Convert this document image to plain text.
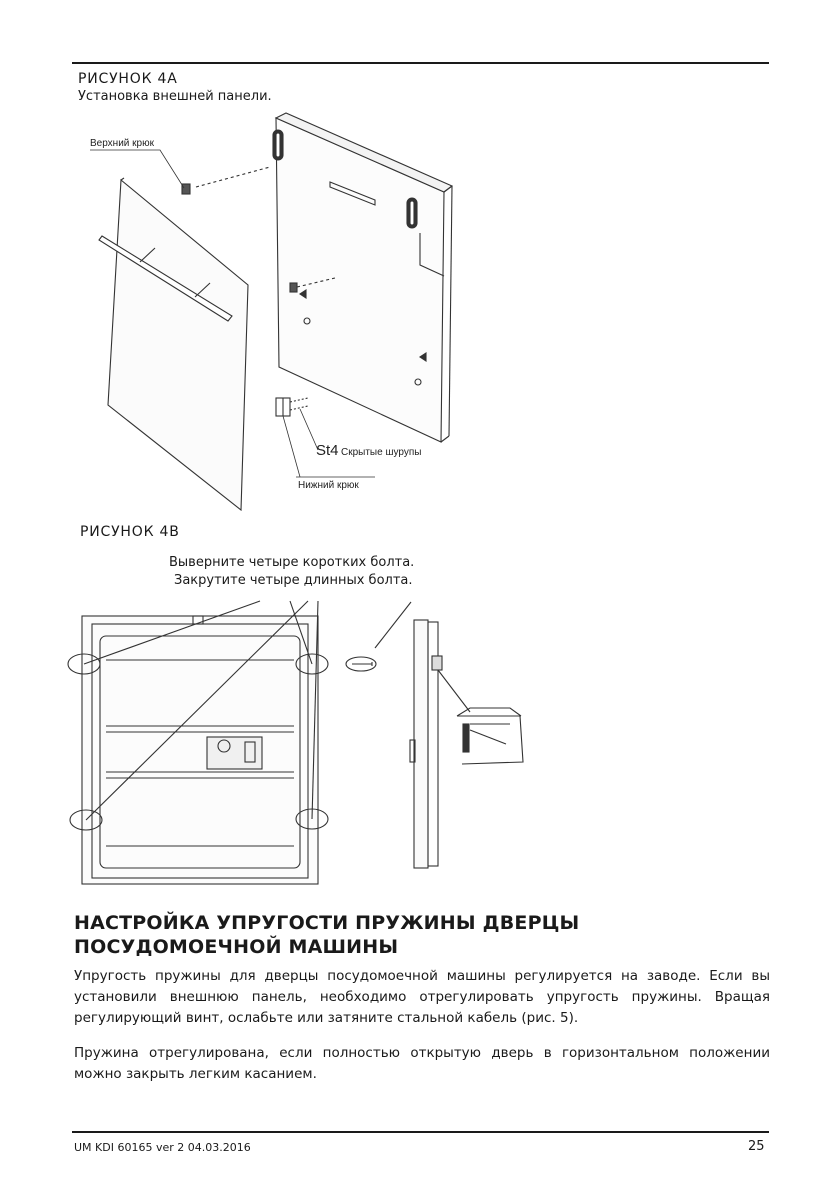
РИСУНОК 4А
Установка внешней панели.
Верхний крюк
St4 Скрытые шурупы
Нижний крюк
РИСУНОК 4В
Выверните четыре коротких болта.
Закрутите четыре длинных болта.
НАСТРОЙКА УПРУГОСТИ ПРУЖИНЫ ДВЕРЦЫ
ПОСУДОМОЕЧНОЙ МАШИНЫ
Упругость пружины для дверцы посудомоечной машины регулируется на заводе. Если вы установили внешнюю панель, необходимо отрегулировать упругость пружины. Вращая регулирующий винт, ослабьте или затяните стальной кабель (рис. 5).
Пружина отрегулирована, если полностью открытую дверь в горизонтальном положении можно закрыть легким касанием.
UM KDI 60165 ver 2 04.03.2016	25
